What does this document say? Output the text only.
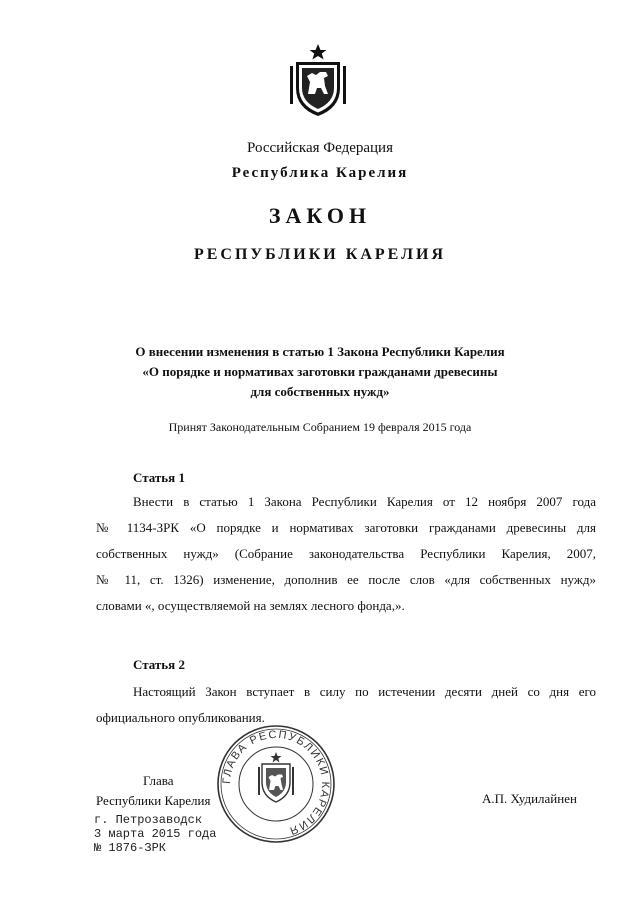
Российская Федерация
Республика Карелия
ЗАКОН
РЕСПУБЛИКИ КАРЕЛИЯ
О внесении изменения в статью 1 Закона Республики Карелия
«О порядке и нормативах заготовки гражданами древесины
для собственных нужд»
Принят Законодательным Собранием 19 февраля 2015 года
Статья 1
Внести в статью 1 Закона Республики Карелия от 12 ноября 2007 года
№ 1134-ЗРК «О порядке и нормативах заготовки гражданами древесины для
собственных нужд» (Собрание законодательства Республики Карелия, 2007,
№ 11, ст. 1326) изменение, дополнив ее после слов «для собственных нужд»
словами «, осуществляемой на землях лесного фонда,».
Статья 2
Настоящий Закон вступает в силу по истечении десяти дней со дня его
официального опубликования.
ГЛАВА РЕСПУБЛИКИ КАРЕЛИЯ
Глава
Республики Карелия	А.П. Худилайнен
г. Петрозаводск
3 марта 2015 года
№ 1876-ЗРК
